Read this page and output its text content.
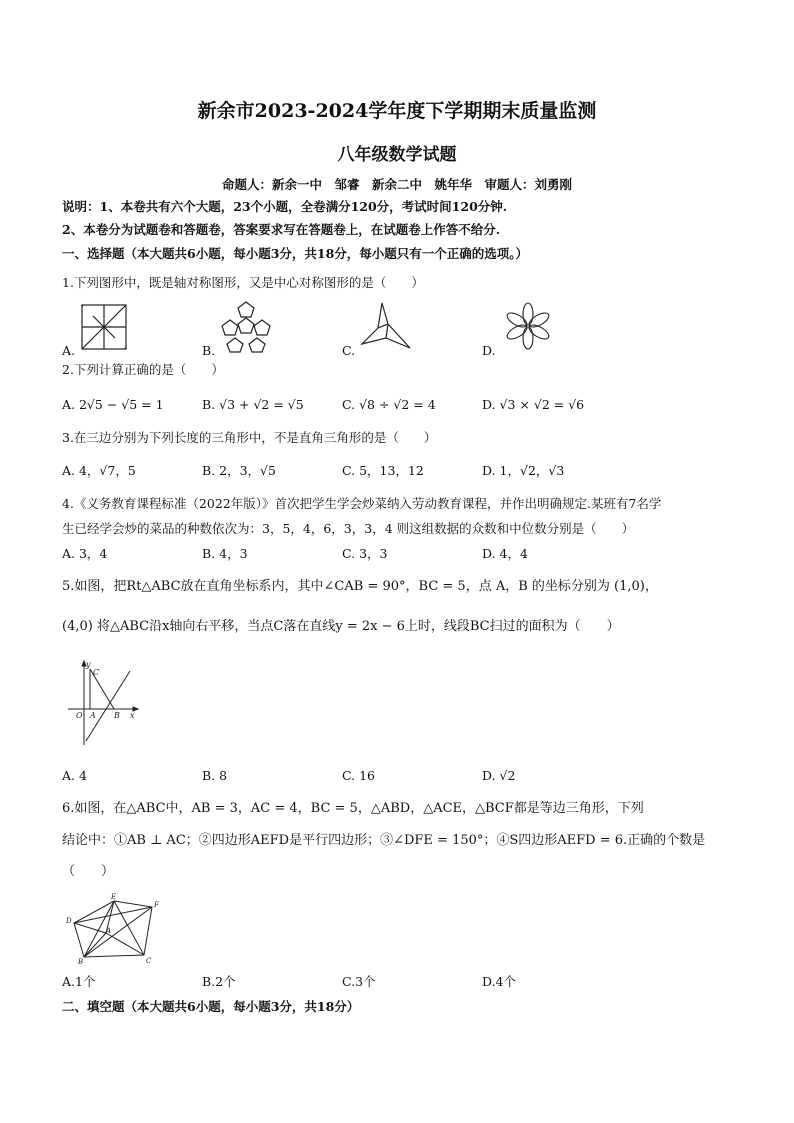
新余市2023-2024学年度下学期期末质量监测
八年级数学试题
命题人：新余一中　邹睿　新余二中　姚年华　审题人：刘勇刚
说明：1、本卷共有六个大题，23个小题，全卷满分120分，考试时间120分钟.
2、本卷分为试题卷和答题卷，答案要求写在答题卷上，在试题卷上作答不给分.
一、选择题（本大题共6小题，每小题3分，共18分，每小题只有一个正确的选项。）
1.下列图形中，既是轴对称图形，又是中心对称图形的是（　　）
A.	B.	C.	D.
2.下列计算正确的是（　　）
A. 2√5 − √5 = 1	B. √3 + √2 = √5	C. √8 ÷ √2 = 4	D. √3 × √2 = √6
3.在三边分别为下列长度的三角形中，不是直角三角形的是（　　）
A. 4，√7，5	B. 2，3，√5	C. 5，13，12	D. 1，√2，√3
4.《义务教育课程标准（2022年版）》首次把学生学会炒菜纳入劳动教育课程，并作出明确规定.某班有7名学
生已经学会炒的菜品的种数依次为：3，5，4，6，3，3，4 则这组数据的众数和中位数分别是（　　）
A. 3，4	B. 4，3	C. 3，3	D. 4，4
5.如图，把Rt△ABC放在直角坐标系内，其中∠CAB = 90°，BC = 5，点 A，B 的坐标分别为 (1,0)，
(4,0) 将△ABC沿x轴向右平移，当点C落在直线y = 2x − 6上时，线段BC扫过的面积为（　　）
y
C
O A B x
A. 4	B. 8	C. 16	D. √2
6.如图，在△ABC中，AB = 3，AC = 4，BC = 5，△ABD，△ACE，△BCF都是等边三角形，下列
结论中：①AB ⊥ AC；②四边形AEFD是平行四边形；③∠DFE = 150°；④S四边形AEFD = 6.正确的个数是
（　　）
E
F
D
A
B	C
A.1个	B.2个	C.3个	D.4个
二、填空题（本大题共6小题，每小题3分，共18分）
